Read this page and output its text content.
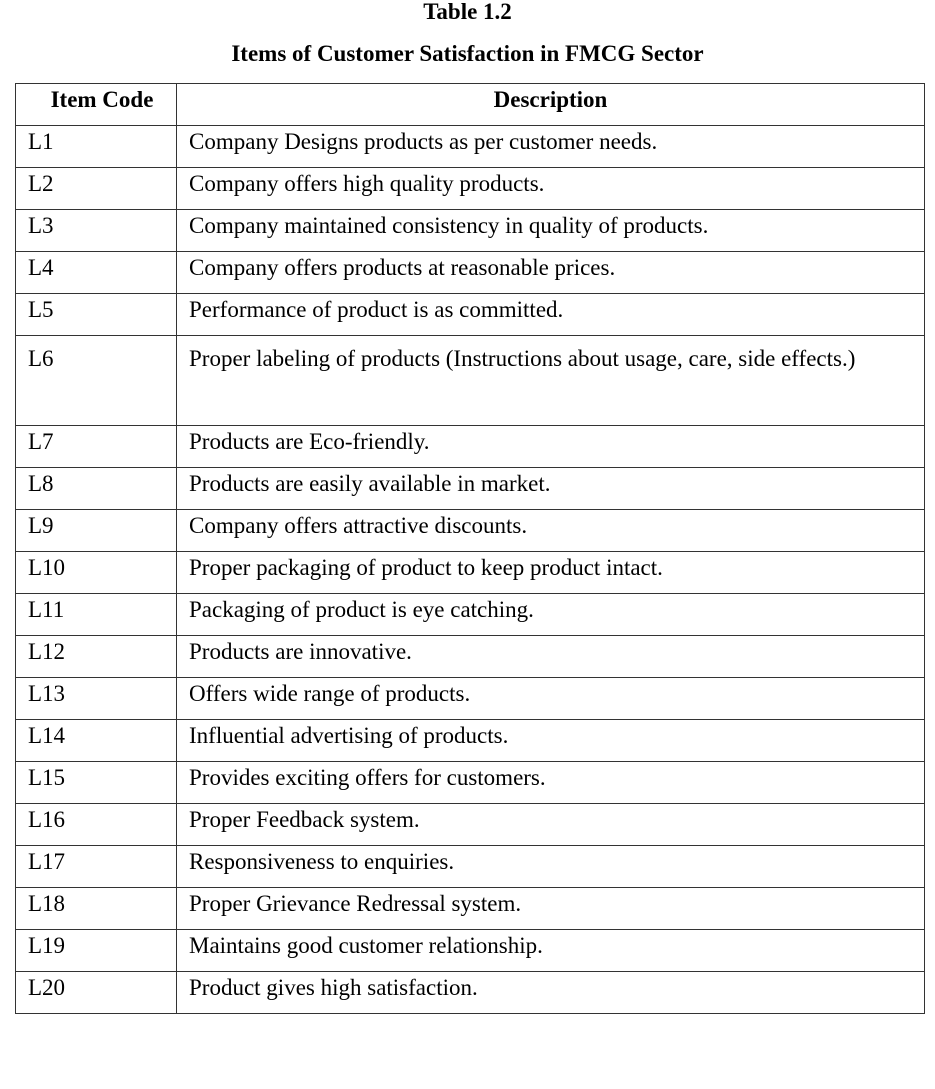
Table 1.2
Items of Customer Satisfaction in FMCG Sector
Item Code	Description
L1	Company Designs products as per customer needs.
L2	Company offers high quality products.
L3	Company maintained consistency in quality of products.
L4	Company offers products at reasonable prices.
L5	Performance of product is as committed.
L6	Proper labeling of products (Instructions about usage, care, side effects.)
L7	Products are Eco-friendly.
L8	Products are easily available in market.
L9	Company offers attractive discounts.
L10	Proper packaging of product to keep product intact.
L11	Packaging of product is eye catching.
L12	Products are innovative.
L13	Offers wide range of products.
L14	Influential advertising of products.
L15	Provides exciting offers for customers.
L16	Proper Feedback system.
L17	Responsiveness to enquiries.
L18	Proper Grievance Redressal system.
L19	Maintains good customer relationship.
L20	Product gives high satisfaction.
